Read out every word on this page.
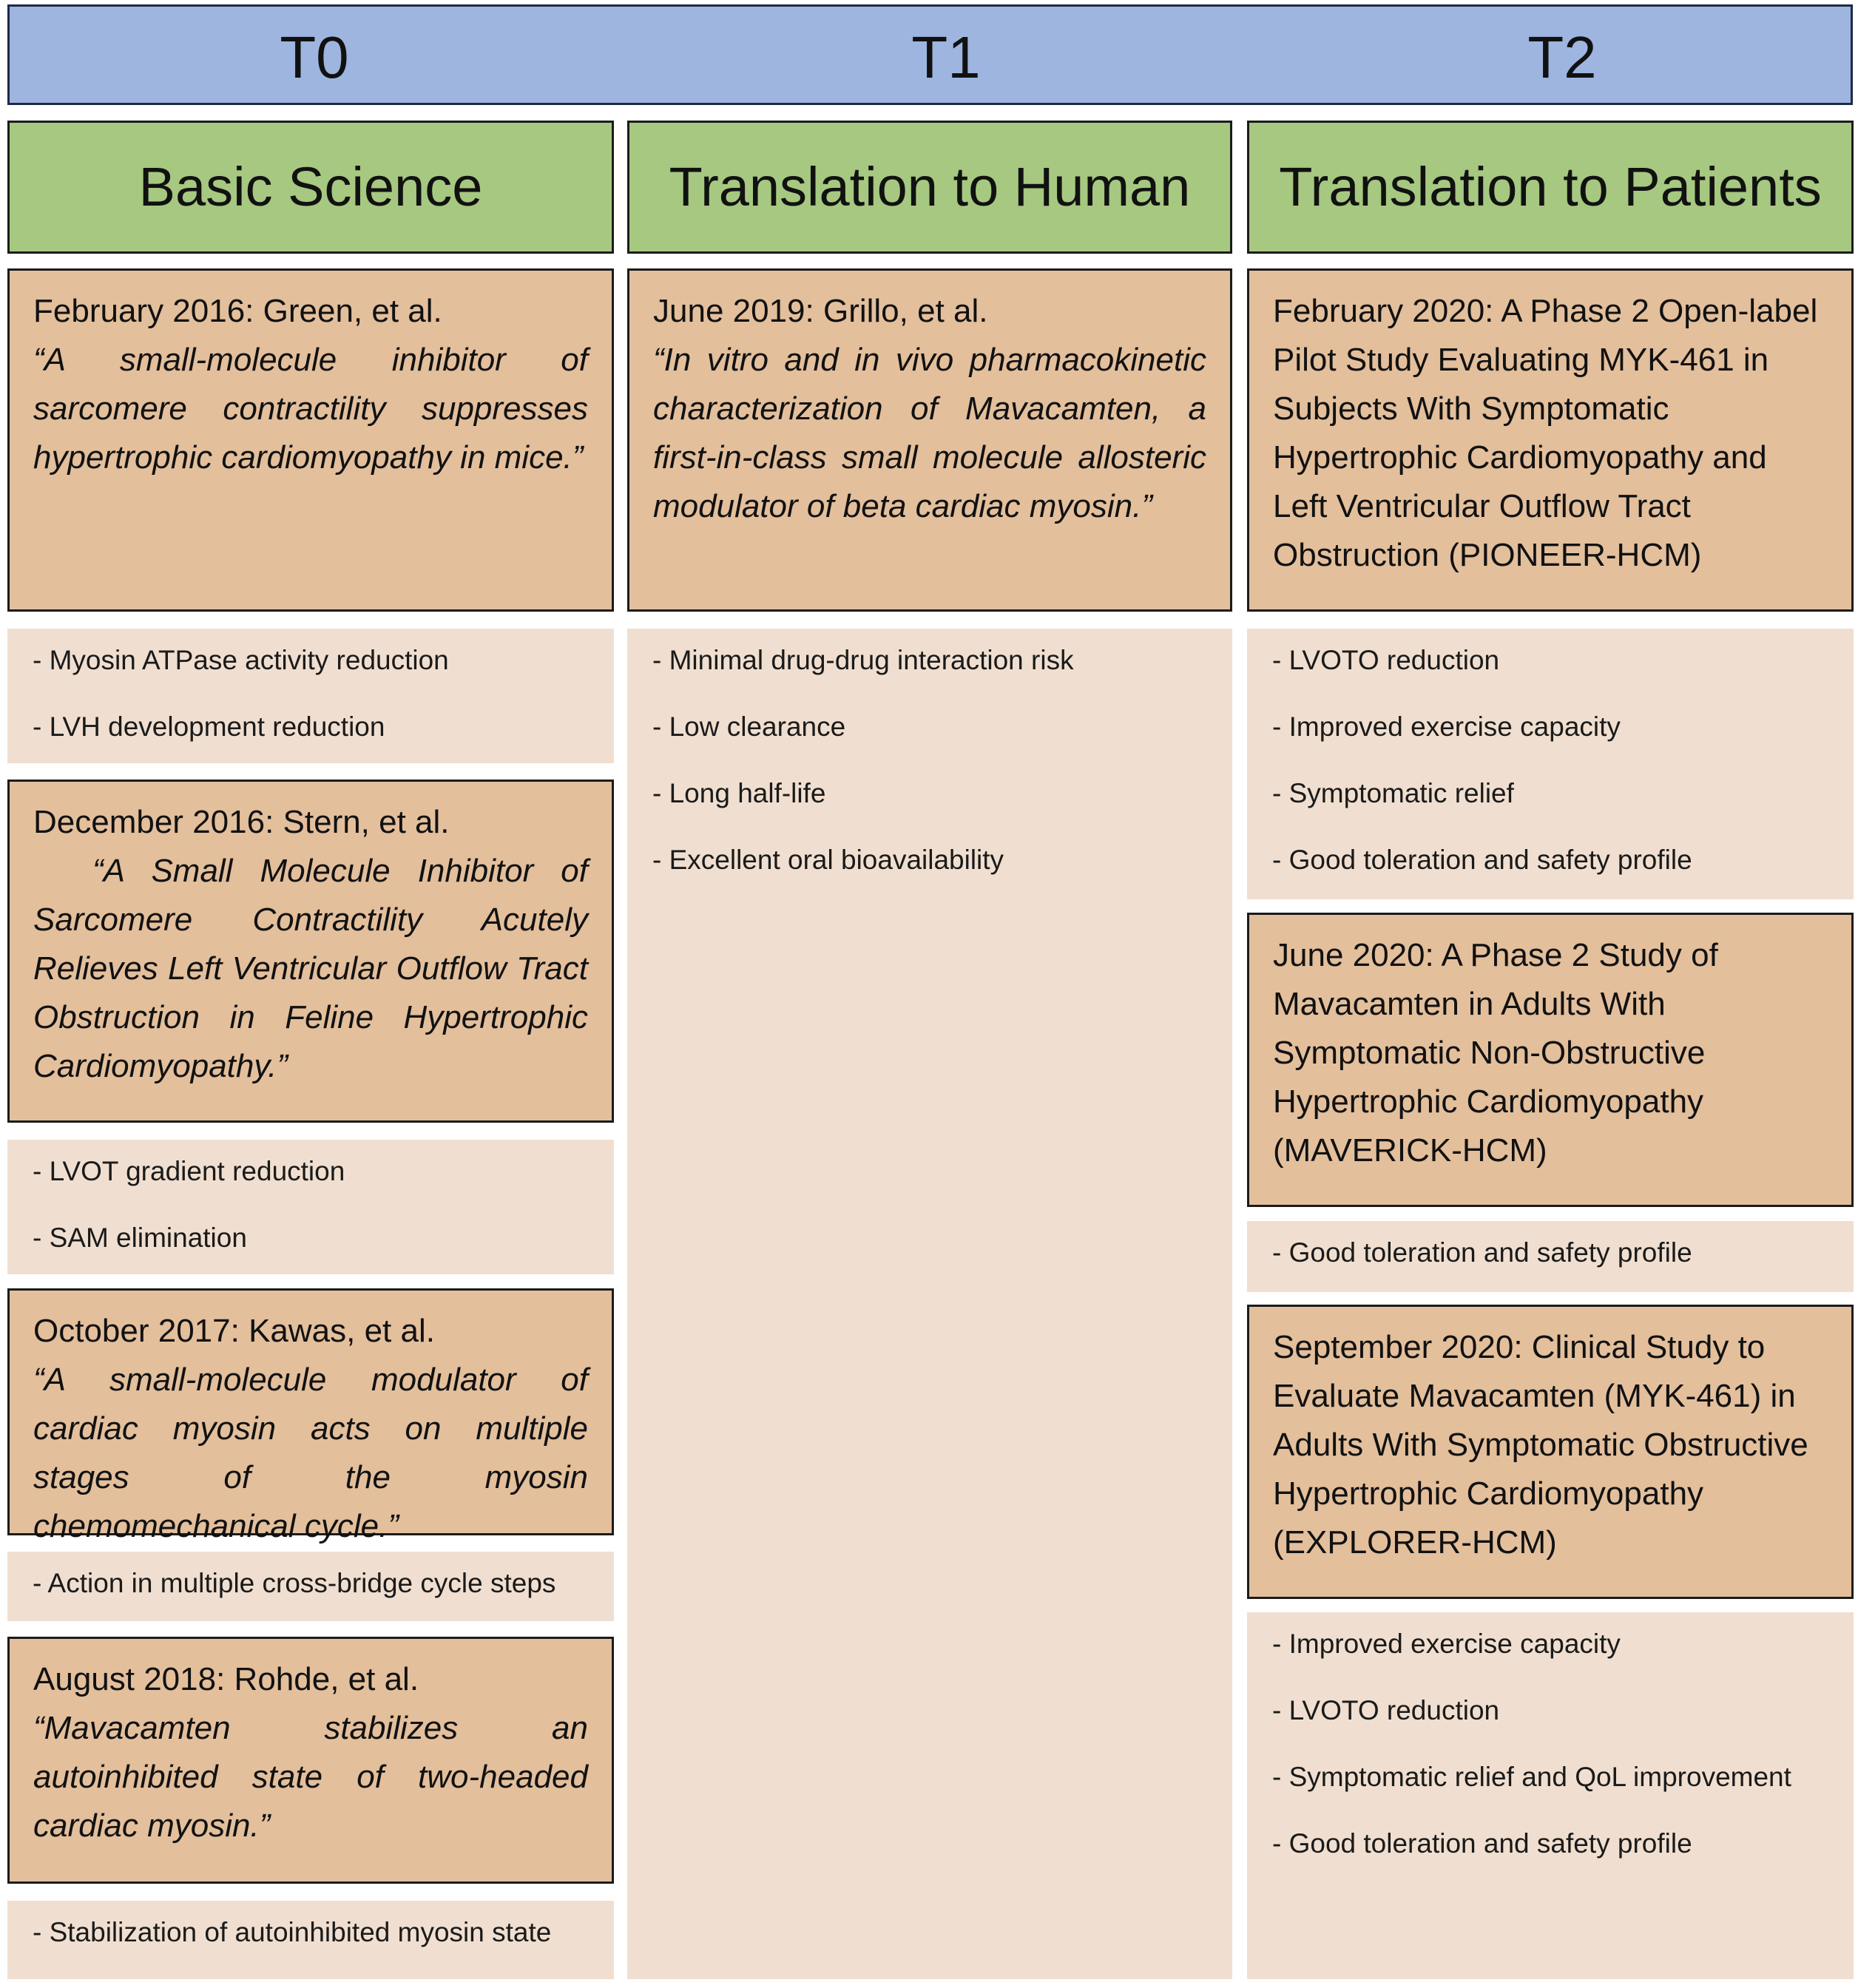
T0	T1	T2
Basic Science	Translation to Human	Translation to Patients
February 2016: Green, et al.
“A small-molecule inhibitor of sarcomere contractility suppresses hypertrophic cardiomyopathy in mice.”
- Myosin ATPase activity reduction
- LVH development reduction
December 2016: Stern, et al.
“A Small Molecule Inhibitor of Sarcomere Contractility Acutely Relieves Left Ventricular Outflow Tract Obstruction in Feline Hypertrophic Cardiomyopathy.”
- LVOT gradient reduction
- SAM elimination
October 2017: Kawas, et al.
“A small-molecule modulator of cardiac myosin acts on multiple stages of the myosin chemomechanical cycle.”
- Action in multiple cross-bridge cycle steps
August 2018: Rohde, et al.
“Mavacamten stabilizes an autoinhibited state of two-headed cardiac myosin.”
- Stabilization of autoinhibited myosin state
June 2019: Grillo, et al.
“In vitro and in vivo pharmacokinetic characterization of Mavacamten, a first-in-class small molecule allosteric modulator of beta cardiac myosin.”
- Minimal drug-drug interaction risk
- Low clearance
- Long half-life
- Excellent oral bioavailability
February 2020: A Phase 2 Open-label Pilot Study Evaluating MYK-461 in Subjects With Symptomatic Hypertrophic Cardiomyopathy and Left Ventricular Outflow Tract Obstruction (PIONEER-HCM)
- LVOTO reduction
- Improved exercise capacity
- Symptomatic relief
- Good toleration and safety profile
June 2020: A Phase 2 Study of Mavacamten in Adults With Symptomatic Non-Obstructive Hypertrophic Cardiomyopathy (MAVERICK-HCM)
- Good toleration and safety profile
September 2020: Clinical Study to Evaluate Mavacamten (MYK-461) in Adults With Symptomatic Obstructive Hypertrophic Cardiomyopathy (EXPLORER-HCM)
- Improved exercise capacity
- LVOTO reduction
- Symptomatic relief and QoL improvement
- Good toleration and safety profile
